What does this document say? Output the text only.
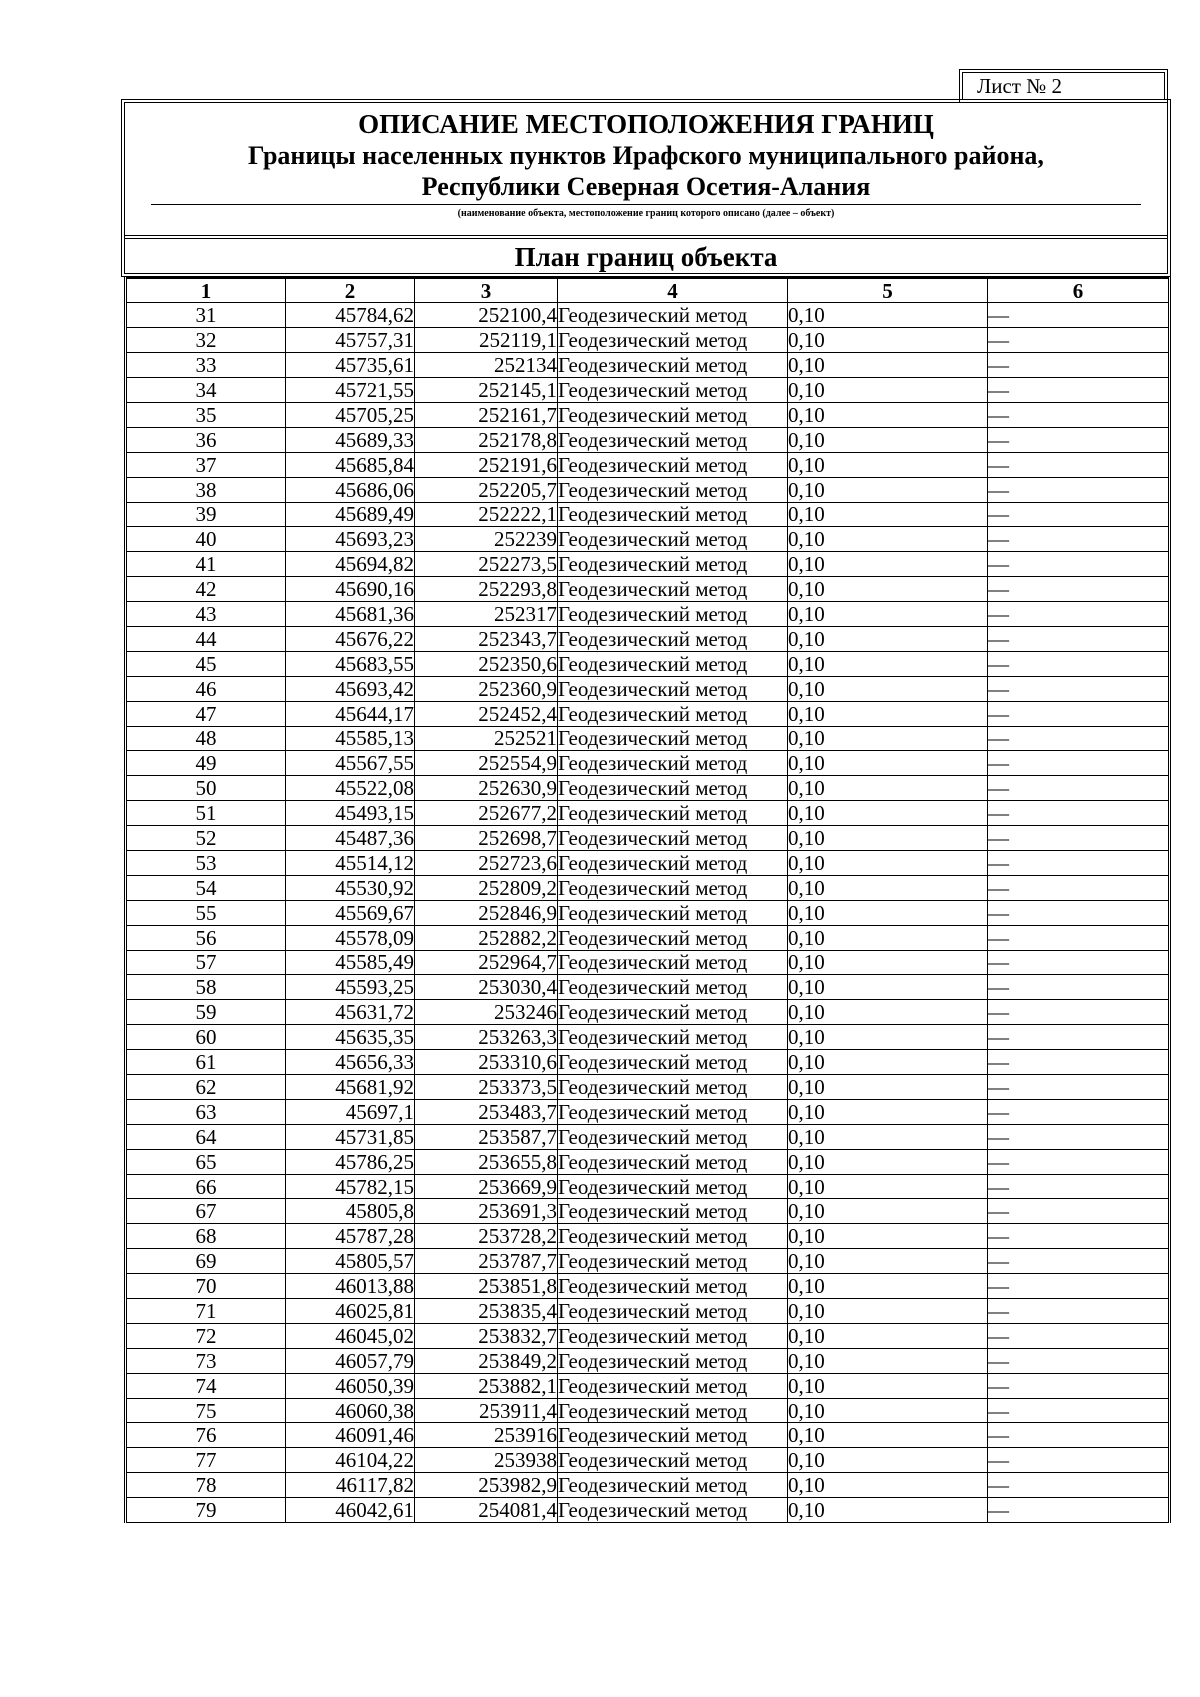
Лист № 2
ОПИСАНИЕ МЕСТОПОЛОЖЕНИЯ ГРАНИЦ
Границы населенных пунктов Ирафского муниципального района,
Республики Северная Осетия-Алания
(наименование объекта, местоположение границ которого описано (далее – объект)
План границ объекта
1	2	3	4	5	6
31	45784,62	252100,4	Геодезический метод	0,10	—
32	45757,31	252119,1	Геодезический метод	0,10	—
33	45735,61	252134	Геодезический метод	0,10	—
34	45721,55	252145,1	Геодезический метод	0,10	—
35	45705,25	252161,7	Геодезический метод	0,10	—
36	45689,33	252178,8	Геодезический метод	0,10	—
37	45685,84	252191,6	Геодезический метод	0,10	—
38	45686,06	252205,7	Геодезический метод	0,10	—
39	45689,49	252222,1	Геодезический метод	0,10	—
40	45693,23	252239	Геодезический метод	0,10	—
41	45694,82	252273,5	Геодезический метод	0,10	—
42	45690,16	252293,8	Геодезический метод	0,10	—
43	45681,36	252317	Геодезический метод	0,10	—
44	45676,22	252343,7	Геодезический метод	0,10	—
45	45683,55	252350,6	Геодезический метод	0,10	—
46	45693,42	252360,9	Геодезический метод	0,10	—
47	45644,17	252452,4	Геодезический метод	0,10	—
48	45585,13	252521	Геодезический метод	0,10	—
49	45567,55	252554,9	Геодезический метод	0,10	—
50	45522,08	252630,9	Геодезический метод	0,10	—
51	45493,15	252677,2	Геодезический метод	0,10	—
52	45487,36	252698,7	Геодезический метод	0,10	—
53	45514,12	252723,6	Геодезический метод	0,10	—
54	45530,92	252809,2	Геодезический метод	0,10	—
55	45569,67	252846,9	Геодезический метод	0,10	—
56	45578,09	252882,2	Геодезический метод	0,10	—
57	45585,49	252964,7	Геодезический метод	0,10	—
58	45593,25	253030,4	Геодезический метод	0,10	—
59	45631,72	253246	Геодезический метод	0,10	—
60	45635,35	253263,3	Геодезический метод	0,10	—
61	45656,33	253310,6	Геодезический метод	0,10	—
62	45681,92	253373,5	Геодезический метод	0,10	—
63	45697,1	253483,7	Геодезический метод	0,10	—
64	45731,85	253587,7	Геодезический метод	0,10	—
65	45786,25	253655,8	Геодезический метод	0,10	—
66	45782,15	253669,9	Геодезический метод	0,10	—
67	45805,8	253691,3	Геодезический метод	0,10	—
68	45787,28	253728,2	Геодезический метод	0,10	—
69	45805,57	253787,7	Геодезический метод	0,10	—
70	46013,88	253851,8	Геодезический метод	0,10	—
71	46025,81	253835,4	Геодезический метод	0,10	—
72	46045,02	253832,7	Геодезический метод	0,10	—
73	46057,79	253849,2	Геодезический метод	0,10	—
74	46050,39	253882,1	Геодезический метод	0,10	—
75	46060,38	253911,4	Геодезический метод	0,10	—
76	46091,46	253916	Геодезический метод	0,10	—
77	46104,22	253938	Геодезический метод	0,10	—
78	46117,82	253982,9	Геодезический метод	0,10	—
79	46042,61	254081,4	Геодезический метод	0,10	—
